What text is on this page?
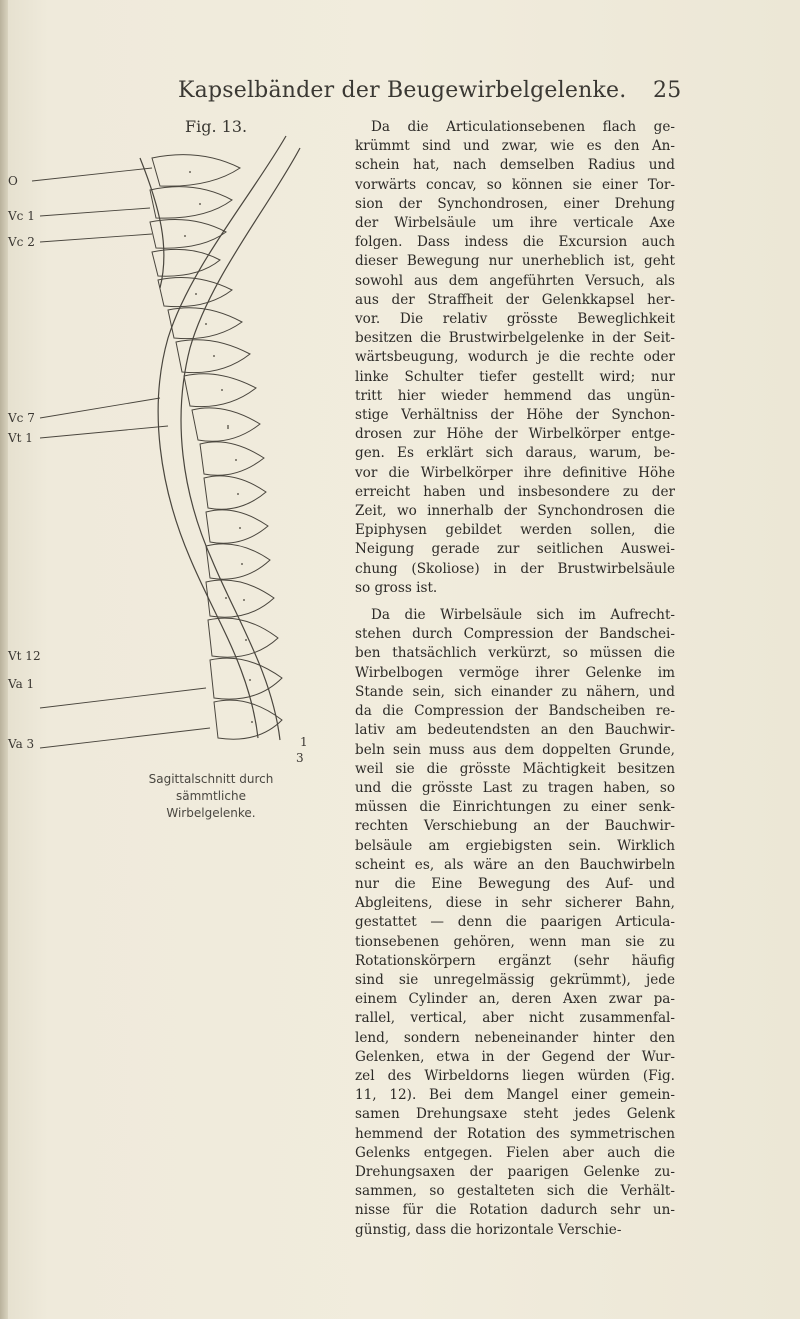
Kapselbänder der Beugewirbelgelenke. 25
Fig. 13.
O
Vc 1
Vc 2
Vc 7
Vt 1
Vt 12
Va 1
Va 3	1
3
Sagittalschnitt durch sämmtliche
Wirbelgelenke.

Da die Articulationsebenen flach ge-
krümmt sind und zwar, wie es den An-
schein hat, nach demselben Radius und
vorwärts concav, so können sie einer Tor-
sion der Synchondrosen, einer Drehung
der Wirbelsäule um ihre verticale Axe
folgen. Dass indess die Excursion auch
dieser Bewegung nur unerheblich ist, geht
sowohl aus dem angeführten Versuch, als
aus der Straffheit der Gelenkkapsel her-
vor. Die relativ grösste Beweglichkeit
besitzen die Brustwirbelgelenke in der Seit-
wärtsbeugung, wodurch je die rechte oder
linke Schulter tiefer gestellt wird; nur
tritt hier wieder hemmend das ungün-
stige Verhältniss der Höhe der Synchon-
drosen zur Höhe der Wirbelkörper entge-
gen. Es erklärt sich daraus, warum, be-
vor die Wirbelkörper ihre definitive Höhe
erreicht haben und insbesondere zu der
Zeit, wo innerhalb der Synchondrosen die
Epiphysen gebildet werden sollen, die
Neigung gerade zur seitlichen Auswei-
chung (Skoliose) in der Brustwirbelsäule
so gross ist.

Da die Wirbelsäule sich im Aufrecht-
stehen durch Compression der Bandschei-
ben thatsächlich verkürzt, so müssen die
Wirbelbogen vermöge ihrer Gelenke im
Stande sein, sich einander zu nähern, und
da die Compression der Bandscheiben re-
lativ am bedeutendsten an den Bauchwir-
beln sein muss aus dem doppelten Grunde,
weil sie die grösste Mächtigkeit besitzen
und die grösste Last zu tragen haben, so
müssen die Einrichtungen zu einer senk-
rechten Verschiebung an der Bauchwir-
belsäule am ergiebigsten sein. Wirklich
scheint es, als wäre an den Bauchwirbeln
nur die Eine Bewegung des Auf- und
Abgleitens, diese in sehr sicherer Bahn,
gestattet — denn die paarigen Articula-
tionsebenen gehören, wenn man sie zu
Rotationskörpern ergänzt (sehr häufig
sind sie unregelmässig gekrümmt), jede
einem Cylinder an, deren Axen zwar pa-
rallel, vertical, aber nicht zusammenfal-
lend, sondern nebeneinander hinter den
Gelenken, etwa in der Gegend der Wur-
zel des Wirbeldorns liegen würden (Fig.
11, 12). Bei dem Mangel einer gemein-
samen Drehungsaxe steht jedes Gelenk
hemmend der Rotation des symmetrischen
Gelenks entgegen. Fielen aber auch die
Drehungsaxen der paarigen Gelenke zu-
sammen, so gestalteten sich die Verhält-
nisse für die Rotation dadurch sehr un-
günstig, dass die horizontale Verschie-
